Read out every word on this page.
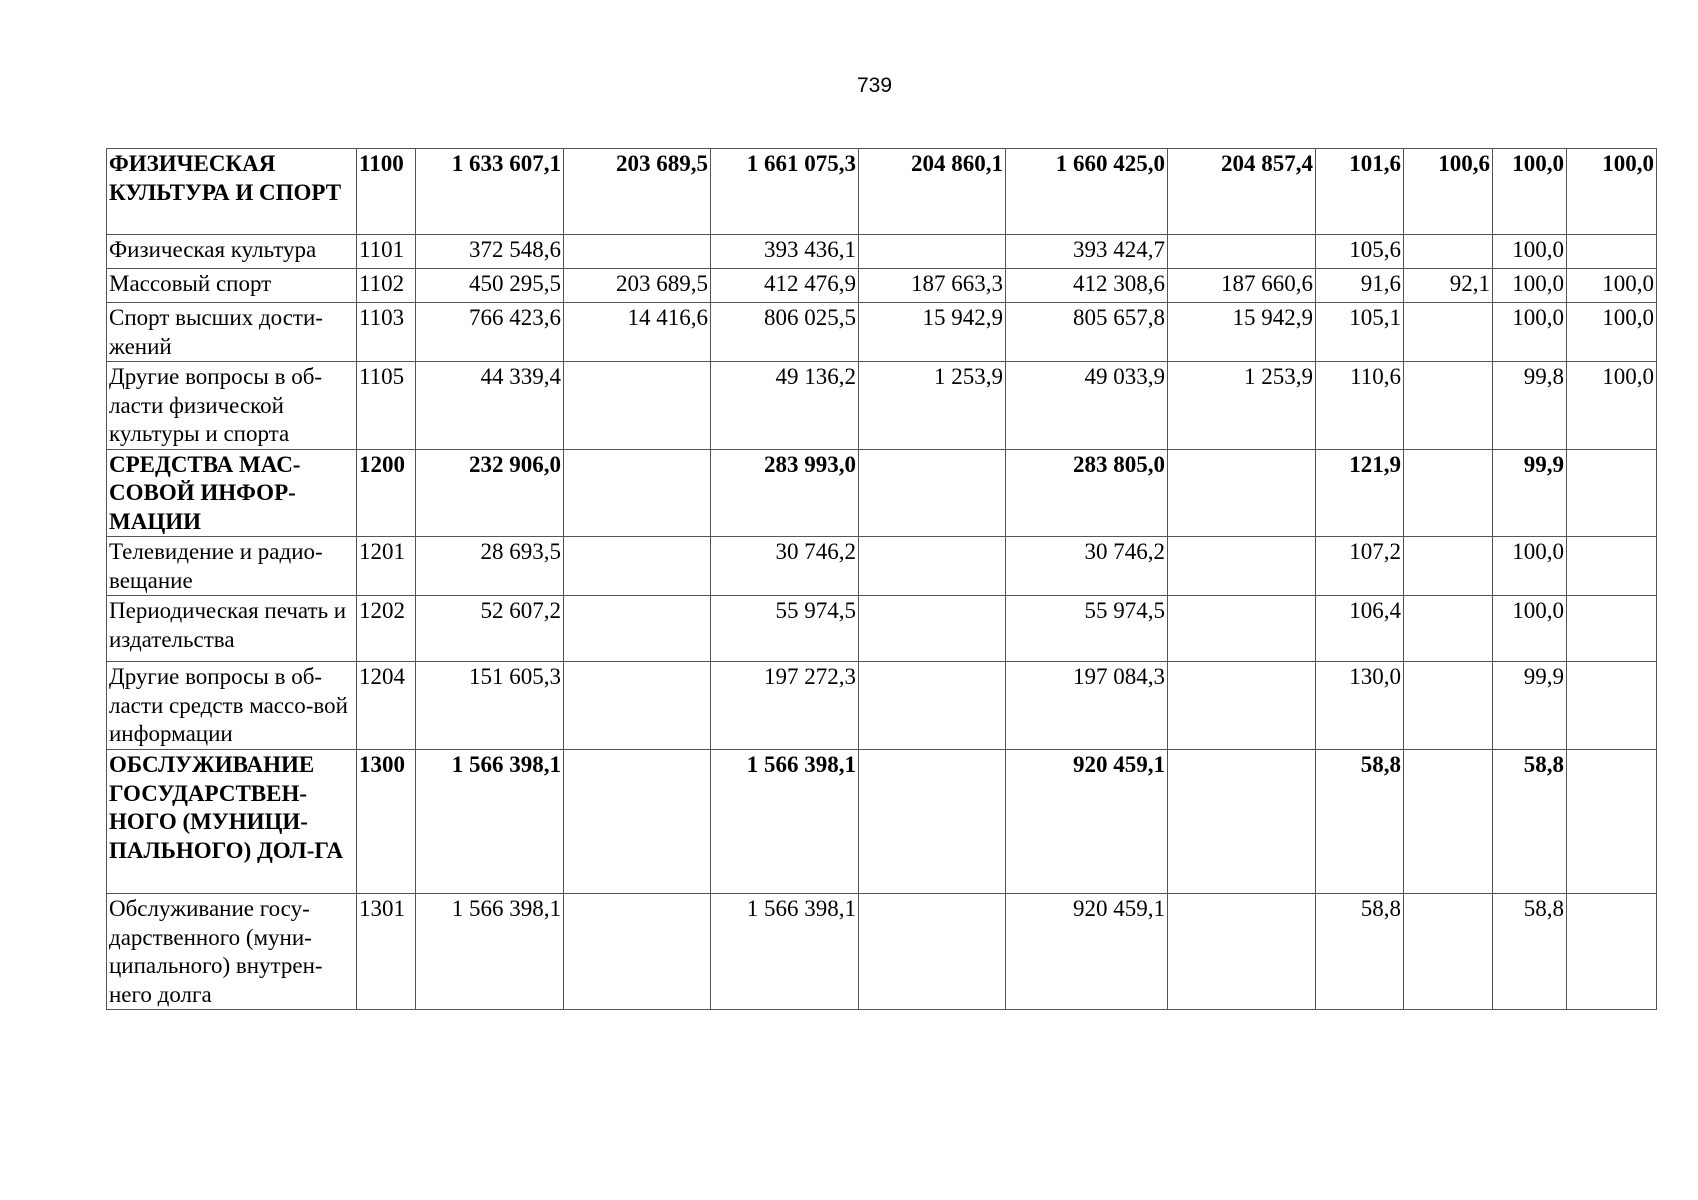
739
ФИЗИЧЕСКАЯ КУЛЬТУРА И СПОРТ	1100	1 633 607,1	203 689,5	1 661 075,3	204 860,1	1 660 425,0	204 857,4	101,6	100,6	100,0	100,0
Физическая культура	1101	372 548,6		393 436,1		393 424,7		105,6		100,0	
Массовый спорт	1102	450 295,5	203 689,5	412 476,9	187 663,3	412 308,6	187 660,6	91,6	92,1	100,0	100,0
Спорт высших дости-жений	1103	766 423,6	14 416,6	806 025,5	15 942,9	805 657,8	15 942,9	105,1		100,0	100,0
Другие вопросы в об-ласти физической культуры и спорта	1105	44 339,4		49 136,2	1 253,9	49 033,9	1 253,9	110,6		99,8	100,0
СРЕДСТВА МАС-СОВОЙ ИНФОР-МАЦИИ	1200	232 906,0		283 993,0		283 805,0		121,9		99,9	
Телевидение и радио-вещание	1201	28 693,5		30 746,2		30 746,2		107,2		100,0	
Периодическая печать и издательства	1202	52 607,2		55 974,5		55 974,5		106,4		100,0	
Другие вопросы в об-ласти средств массо-вой информации	1204	151 605,3		197 272,3		197 084,3		130,0		99,9	
ОБСЛУЖИВАНИЕ ГОСУДАРСТВЕН-НОГО (МУНИЦИ-ПАЛЬНОГО) ДОЛ-ГА	1300	1 566 398,1		1 566 398,1		920 459,1		58,8		58,8	
Обслуживание госу-дарственного (муни-ципального) внутрен-него долга	1301	1 566 398,1		1 566 398,1		920 459,1		58,8		58,8	
